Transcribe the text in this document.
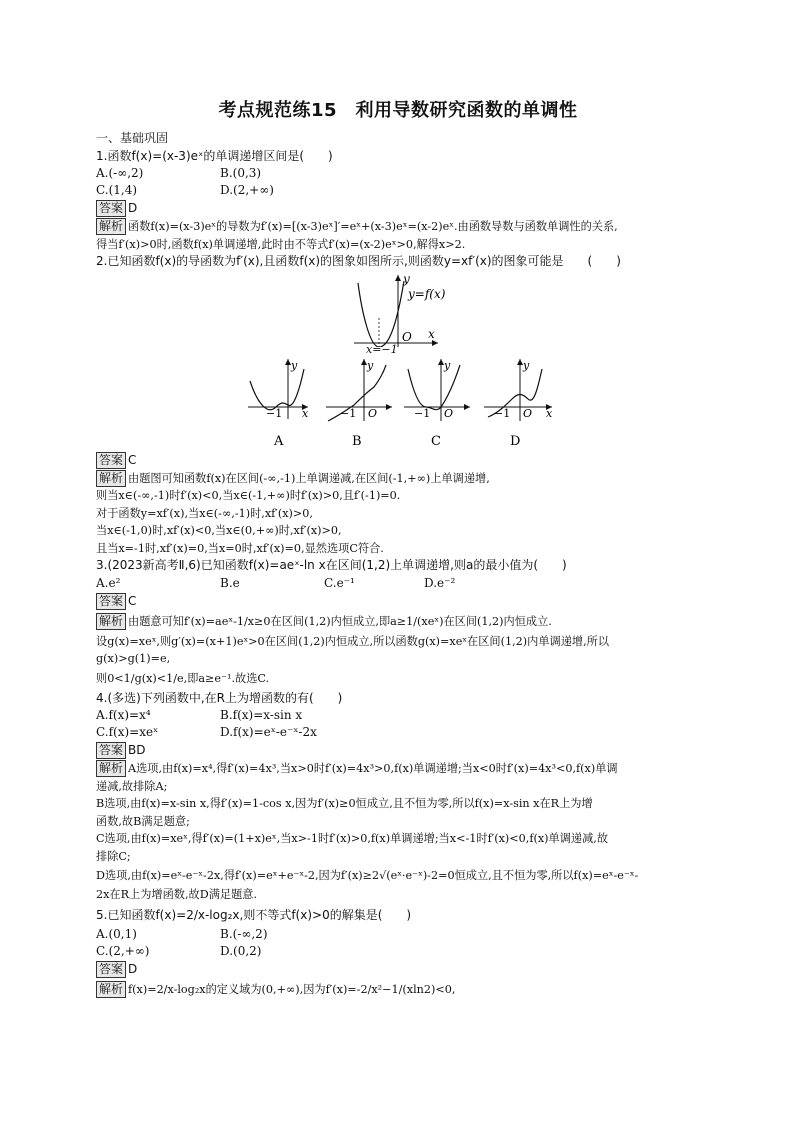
考点规范练15　利用导数研究函数的单调性
一、基础巩固
1.函数f(x)=(x-3)eˣ的单调递增区间是(　　)
A.(-∞,2)	B.(0,3)
C.(1,4)	D.(2,+∞)
答案 D
解析 函数f(x)=(x-3)eˣ的导数为f′(x)=[(x-3)eˣ]′=eˣ+(x-3)eˣ=(x-2)eˣ.由函数导数与函数单调性的关系,
得当f′(x)>0时,函数f(x)单调递增,此时由不等式f′(x)=(x-2)eˣ>0,解得x>2.
2.已知函数f(x)的导函数为f′(x),且函数f(x)的图象如图所示,则函数y=xf′(x)的图象可能是　　(　　)
y
y=f(x)
O x
x=−1
−1 x
y
A
−1 O
y
B
−1 O
y
C
−1 O x
y
D
答案 C
解析 由题图可知函数f(x)在区间(-∞,-1)上单调递减,在区间(-1,+∞)上单调递增,
则当x∈(-∞,-1)时f′(x)<0,当x∈(-1,+∞)时f′(x)>0,且f′(-1)=0.
对于函数y=xf′(x),当x∈(-∞,-1)时,xf′(x)>0,
当x∈(-1,0)时,xf′(x)<0,当x∈(0,+∞)时,xf′(x)>0,
且当x=-1时,xf′(x)=0,当x=0时,xf′(x)=0,显然选项C符合.
3.(2023新高考Ⅱ,6)已知函数f(x)=aeˣ-ln x在区间(1,2)上单调递增,则a的最小值为(　　)
A.e²	B.e	C.e⁻¹	D.e⁻²
答案 C
解析 由题意可知f′(x)=aeˣ-1/x≥0在区间(1,2)内恒成立,即a≥1/(xeˣ)在区间(1,2)内恒成立.
设g(x)=xeˣ,则g′(x)=(x+1)eˣ>0在区间(1,2)内恒成立,所以函数g(x)=xeˣ在区间(1,2)内单调递增,所以
g(x)>g(1)=e,
则0<1/g(x)<1/e,即a≥e⁻¹.故选C.
4.(多选)下列函数中,在R上为增函数的有(　　)
A.f(x)=x⁴	B.f(x)=x-sin x
C.f(x)=xeˣ	D.f(x)=eˣ-e⁻ˣ-2x
答案 BD
解析 A选项,由f(x)=x⁴,得f′(x)=4x³,当x>0时f′(x)=4x³>0,f(x)单调递增;当x<0时f′(x)=4x³<0,f(x)单调
递减,故排除A;
B选项,由f(x)=x-sin x,得f′(x)=1-cos x,因为f′(x)≥0恒成立,且不恒为零,所以f(x)=x-sin x在R上为增
函数,故B满足题意;
C选项,由f(x)=xeˣ,得f′(x)=(1+x)eˣ,当x>-1时f′(x)>0,f(x)单调递增;当x<-1时f′(x)<0,f(x)单调递减,故
排除C;
D选项,由f(x)=eˣ-e⁻ˣ-2x,得f′(x)=eˣ+e⁻ˣ-2,因为f′(x)≥2√(eˣ·e⁻ˣ)-2=0恒成立,且不恒为零,所以f(x)=eˣ-e⁻ˣ-
2x在R上为增函数,故D满足题意.
5.已知函数f(x)=2/x-log₂x,则不等式f(x)>0的解集是(　　)
A.(0,1)	B.(-∞,2)
C.(2,+∞)	D.(0,2)
答案 D
解析 f(x)=2/x-log₂x的定义域为(0,+∞),因为f′(x)=-2/x²−1/(xln2)<0,
